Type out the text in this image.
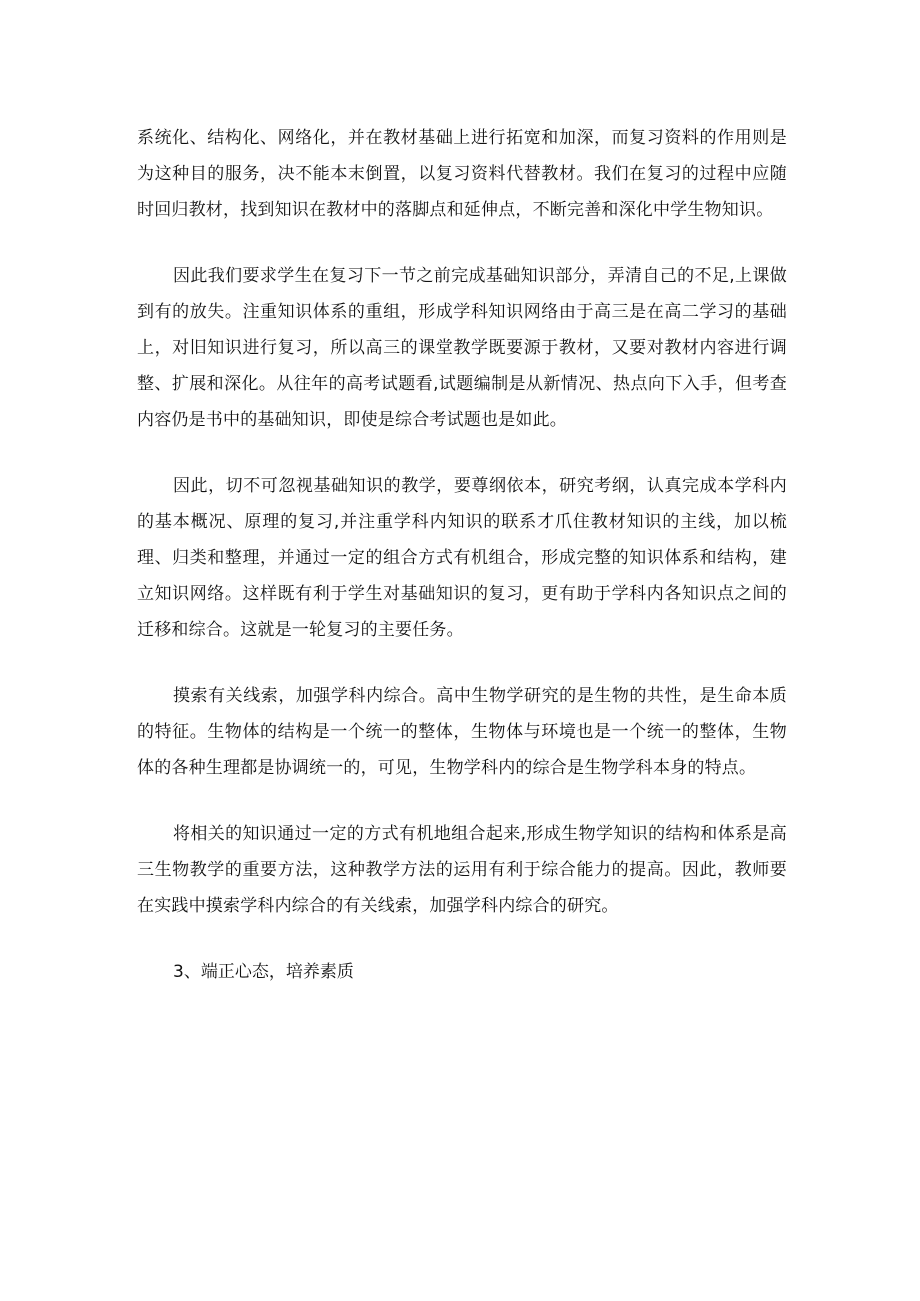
系统化、结构化、网络化，并在教材基础上进行拓宽和加深，而复习资料的作用则是为这种目的服务，决不能本末倒置，以复习资料代替教材。我们在复习的过程中应随时回归教材，找到知识在教材中的落脚点和延伸点，不断完善和深化中学生物知识。

因此我们要求学生在复习下一节之前完成基础知识部分，弄清自己的不足,上课做到有的放失。注重知识体系的重组，形成学科知识网络由于高三是在高二学习的基础上，对旧知识进行复习，所以高三的课堂教学既要源于教材，又要对教材内容进行调整、扩展和深化。从往年的高考试题看,试题编制是从新情况、热点向下入手，但考查内容仍是书中的基础知识，即使是综合考试题也是如此。

因此，切不可忽视基础知识的教学，要尊纲依本，研究考纲，认真完成本学科内的基本概况、原理的复习,并注重学科内知识的联系才爪住教材知识的主线，加以梳理、归类和整理，并通过一定的组合方式有机组合，形成完整的知识体系和结构，建立知识网络。这样既有利于学生对基础知识的复习，更有助于学科内各知识点之间的迁移和综合。这就是一轮复习的主要任务。

摸索有关线索，加强学科内综合。高中生物学研究的是生物的共性，是生命本质的特征。生物体的结构是一个统一的整体，生物体与环境也是一个统一的整体，生物体的各种生理都是协调统一的，可见，生物学科内的综合是生物学科本身的特点。

将相关的知识通过一定的方式有机地组合起来,形成生物学知识的结构和体系是高三生物教学的重要方法，这种教学方法的运用有利于综合能力的提高。因此，教师要在实践中摸索学科内综合的有关线索，加强学科内综合的研究。

3、端正心态，培养素质
